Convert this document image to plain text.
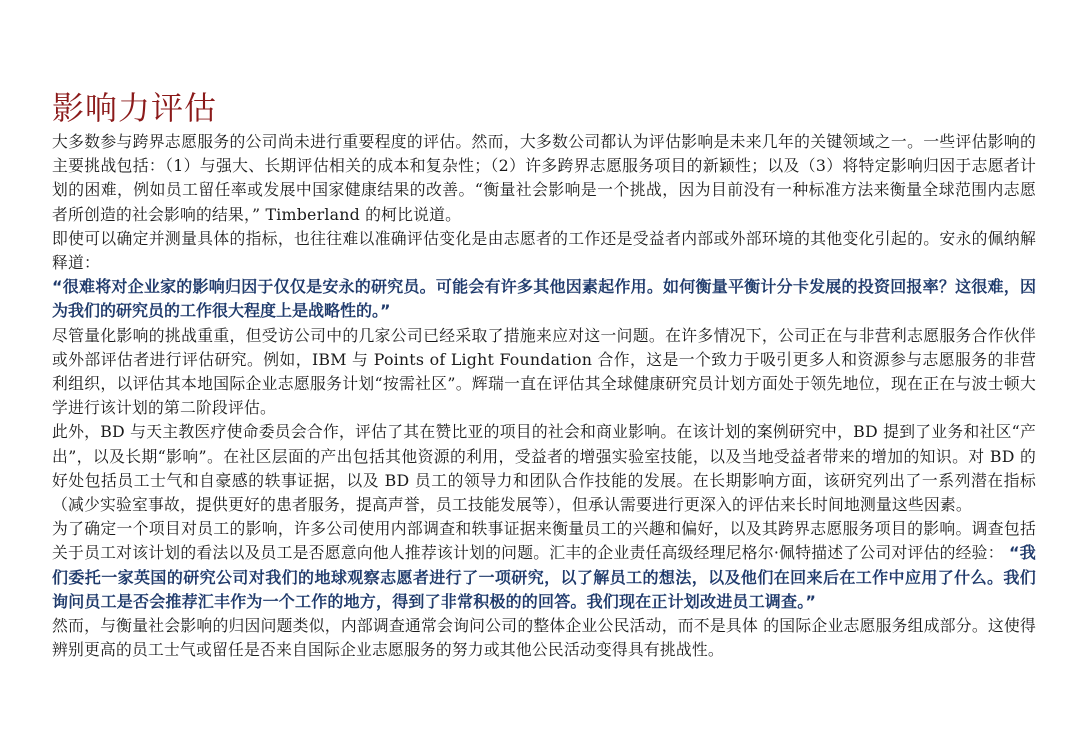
影响力评估

大多数参与跨界志愿服务的公司尚未进行重要程度的评估。然而，大多数公司都认为评估影响是未来几年的关键领域之一。一些评估影响的主要挑战包括：（1）与强大、长期评估相关的成本和复杂性；（2）许多跨界志愿服务项目的新颖性；以及（3）将特定影响归因于志愿者计划的困难，例如员工留任率或发展中国家健康结果的改善。“衡量社会影响是一个挑战，因为目前没有一种标准方法来衡量全球范围内志愿者所创造的社会影响的结果，” Timberland 的柯比说道。

即使可以确定并测量具体的指标，也往往难以准确评估变化是由志愿者的工作还是受益者内部或外部环境的其他变化引起的。安永的佩纳解释道：

“很难将对企业家的影响归因于仅仅是安永的研究员。可能会有许多其他因素起作用。如何衡量平衡计分卡发展的投资回报率？这很难，因为我们的研究员的工作很大程度上是战略性的。”

尽管量化影响的挑战重重，但受访公司中的几家公司已经采取了措施来应对这一问题。在许多情况下，公司正在与非营利志愿服务合作伙伴或外部评估者进行评估研究。例如，IBM 与 Points of Light Foundation 合作，这是一个致力于吸引更多人和资源参与志愿服务的非营利组织，以评估其本地国际企业志愿服务计划“按需社区”。辉瑞一直在评估其全球健康研究员计划方面处于领先地位，现在正在与波士顿大学进行该计划的第二阶段评估。

此外，BD 与天主教医疗使命委员会合作，评估了其在赞比亚的项目的社会和商业影响。在该计划的案例研究中，BD 提到了业务和社区“产出”，以及长期“影响”。在社区层面的产出包括其他资源的利用，受益者的增强实验室技能，以及当地受益者带来的增加的知识。对 BD 的好处包括员工士气和自豪感的轶事证据，以及 BD 员工的领导力和团队合作技能的发展。在长期影响方面，该研究列出了一系列潜在指标（减少实验室事故，提供更好的患者服务，提高声誉，员工技能发展等），但承认需要进行更深入的评估来长时间地测量这些因素。

为了确定一个项目对员工的影响，许多公司使用内部调查和轶事证据来衡量员工的兴趣和偏好，以及其跨界志愿服务项目的影响。调查包括关于员工对该计划的看法以及员工是否愿意向他人推荐该计划的问题。汇丰的企业责任高级经理尼格尔·佩特描述了公司对评估的经验： “我们委托一家英国的研究公司对我们的地球观察志愿者进行了一项研究，以了解员工的想法，以及他们在回来后在工作中应用了什么。我们询问员工是否会推荐汇丰作为一个工作的地方，得到了非常积极的的回答。我们现在正计划改进员工调查。”

然而，与衡量社会影响的归因问题类似，内部调查通常会询问公司的整体企业公民活动，而不是具体 的国际企业志愿服务组成部分。这使得辨别更高的员工士气或留任是否来自国际企业志愿服务的努力或其他公民活动变得具有挑战性。
